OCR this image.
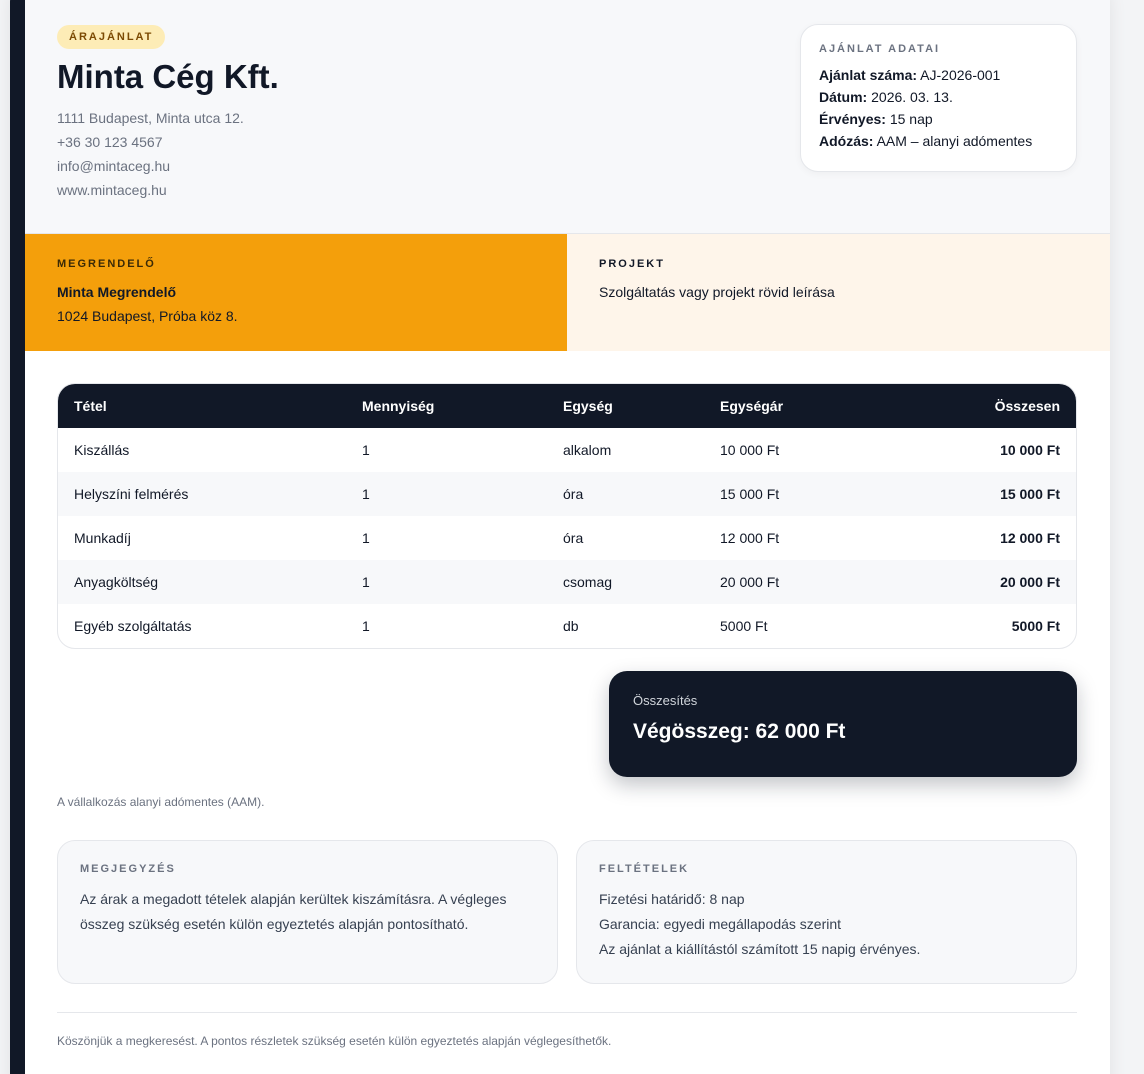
ÁRAJÁNLAT
Minta Cég Kft.
1111 Budapest, Minta utca 12.
+36 30 123 4567
info@mintaceg.hu
www.mintaceg.hu
AJÁNLAT ADATAI
Ajánlat száma: AJ-2026-001
Dátum: 2026. 03. 13.
Érvényes: 15 nap
Adózás: AAM – alanyi adómentes
MEGRENDELŐ
Minta Megrendelő
1024 Budapest, Próba köz 8.
PROJEKT
Szolgáltatás vagy projekt rövid leírása
Tétel	Mennyiség	Egység	Egységár	Összesen
Kiszállás	1	alkalom	10 000 Ft	10 000 Ft
Helyszíni felmérés	1	óra	15 000 Ft	15 000 Ft
Munkadíj	1	óra	12 000 Ft	12 000 Ft
Anyagköltség	1	csomag	20 000 Ft	20 000 Ft
Egyéb szolgáltatás	1	db	5000 Ft	5000 Ft
Összesítés
Végösszeg: 62 000 Ft
A vállalkozás alanyi adómentes (AAM).
MEGJEGYZÉS
Az árak a megadott tételek alapján kerültek kiszámításra. A végleges összeg szükség esetén külön egyeztetés alapján pontosítható.
FELTÉTELEK
Fizetési határidő: 8 nap
Garancia: egyedi megállapodás szerint
Az ajánlat a kiállítástól számított 15 napig érvényes.
Köszönjük a megkeresést. A pontos részletek szükség esetén külön egyeztetés alapján véglegesíthetők.
